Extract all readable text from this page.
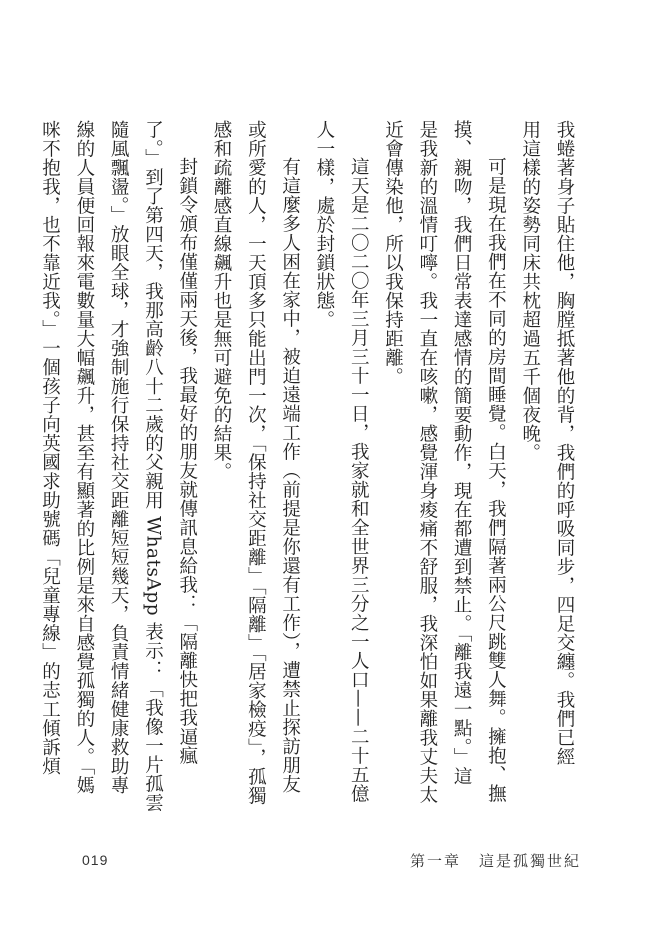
我蜷著身子貼住他，胸膛抵著他的背，我們的呼吸同步，四足交纏。我們已經

用這樣的姿勢同床共枕超過五千個夜晚。

可是現在我們在不同的房間睡覺。白天，我們隔著兩公尺跳雙人舞。擁抱、撫

摸、親吻，我們日常表達感情的簡要動作，現在都遭到禁止。「離我遠一點。」這

是我新的溫情叮嚀。我一直在咳嗽，感覺渾身痠痛不舒服，我深怕如果離我丈夫太

近會傳染他，所以我保持距離。

這天是二〇二〇年三月三十一日，我家就和全世界三分之一人口——二十五億

人一樣，處於封鎖狀態。

有這麼多人困在家中，被迫遠端工作（前提是你還有工作），遭禁止探訪朋友

或所愛的人，一天頂多只能出門一次，「保持社交距離」「隔離」「居家檢疫」，孤獨

感和疏離感直線飆升也是無可避免的結果。

封鎖令頒布僅僅兩天後，我最好的朋友就傳訊息給我：「隔離快把我逼瘋

了。」到了第四天，我那高齡八十二歲的父親用 WhatsApp 表示：「我像一片孤雲

隨風飄盪。」放眼全球，才強制施行保持社交距離短短幾天，負責情緒健康救助專

線的人員便回報來電數量大幅飆升，甚至有顯著的比例是來自感覺孤獨的人。「媽

咪不抱我，也不靠近我。」一個孩子向英國求助號碼「兒童專線」的志工傾訴煩

019	第一章 這是孤獨世紀
